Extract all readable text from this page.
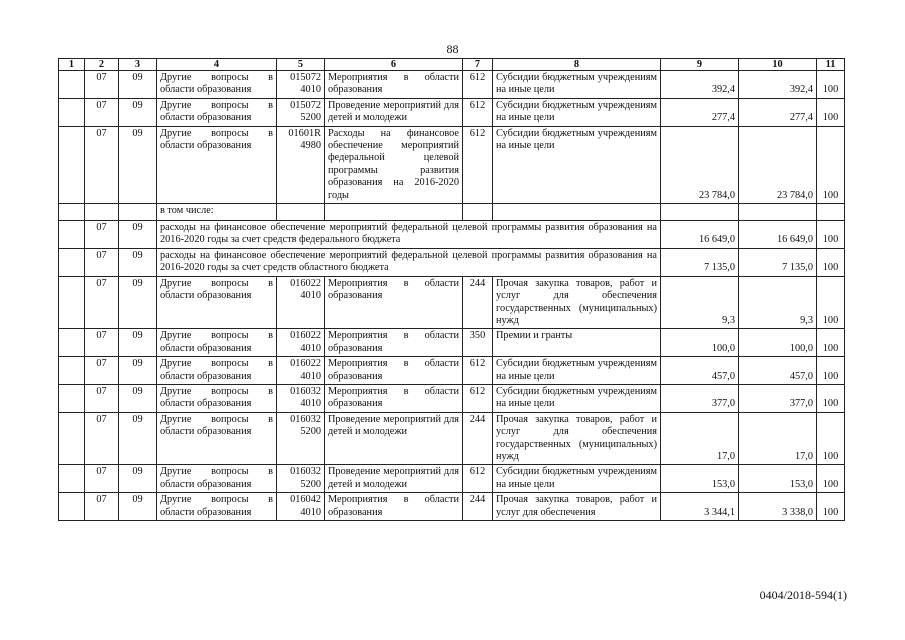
88
1	2	3	4	5	6	7	8	9	10	11
	07	09	Другие вопросы в области образования	015072 4010	Мероприятия в области образования	612	Субсидии бюджетным учреждениям на иные цели	392,4	392,4	100
	07	09	Другие вопросы в области образования	015072 5200	Проведение мероприятий для детей и молодежи	612	Субсидии бюджетным учреждениям на иные цели	277,4	277,4	100
	07	09	Другие вопросы в области образования	01601R 4980	Расходы на финансовое обеспечение мероприятий федеральной целевой программы развития образования на 2016-2020 годы	612	Субсидии бюджетным учреждениям на иные цели	23 784,0	23 784,0	100
			в том числе:							
	07	09	расходы на финансовое обеспечение мероприятий федеральной целевой программы развития образования на 2016-2020 годы за счет средств федерального бюджета					16 649,0	16 649,0	100
	07	09	расходы на финансовое обеспечение мероприятий федеральной целевой программы развития образования на 2016-2020 годы за счет средств областного бюджета					7 135,0	7 135,0	100
	07	09	Другие вопросы в области образования	016022 4010	Мероприятия в области образования	244	Прочая закупка товаров, работ и услуг для обеспечения государственных (муниципальных) нужд	9,3	9,3	100
	07	09	Другие вопросы в области образования	016022 4010	Мероприятия в области образования	350	Премии и гранты	100,0	100,0	100
	07	09	Другие вопросы в области образования	016022 4010	Мероприятия в области образования	612	Субсидии бюджетным учреждениям на иные цели	457,0	457,0	100
	07	09	Другие вопросы в области образования	016032 4010	Мероприятия в области образования	612	Субсидии бюджетным учреждениям на иные цели	377,0	377,0	100
	07	09	Другие вопросы в области образования	016032 5200	Проведение мероприятий для детей и молодежи	244	Прочая закупка товаров, работ и услуг для обеспечения государственных (муниципальных) нужд	17,0	17,0	100
	07	09	Другие вопросы в области образования	016032 5200	Проведение мероприятий для детей и молодежи	612	Субсидии бюджетным учреждениям на иные цели	153,0	153,0	100
	07	09	Другие вопросы в области образования	016042 4010	Мероприятия в области образования	244	Прочая закупка товаров, работ и услуг для обеспечения	3 344,1	3 338,0	100
0404/2018-594(1)
